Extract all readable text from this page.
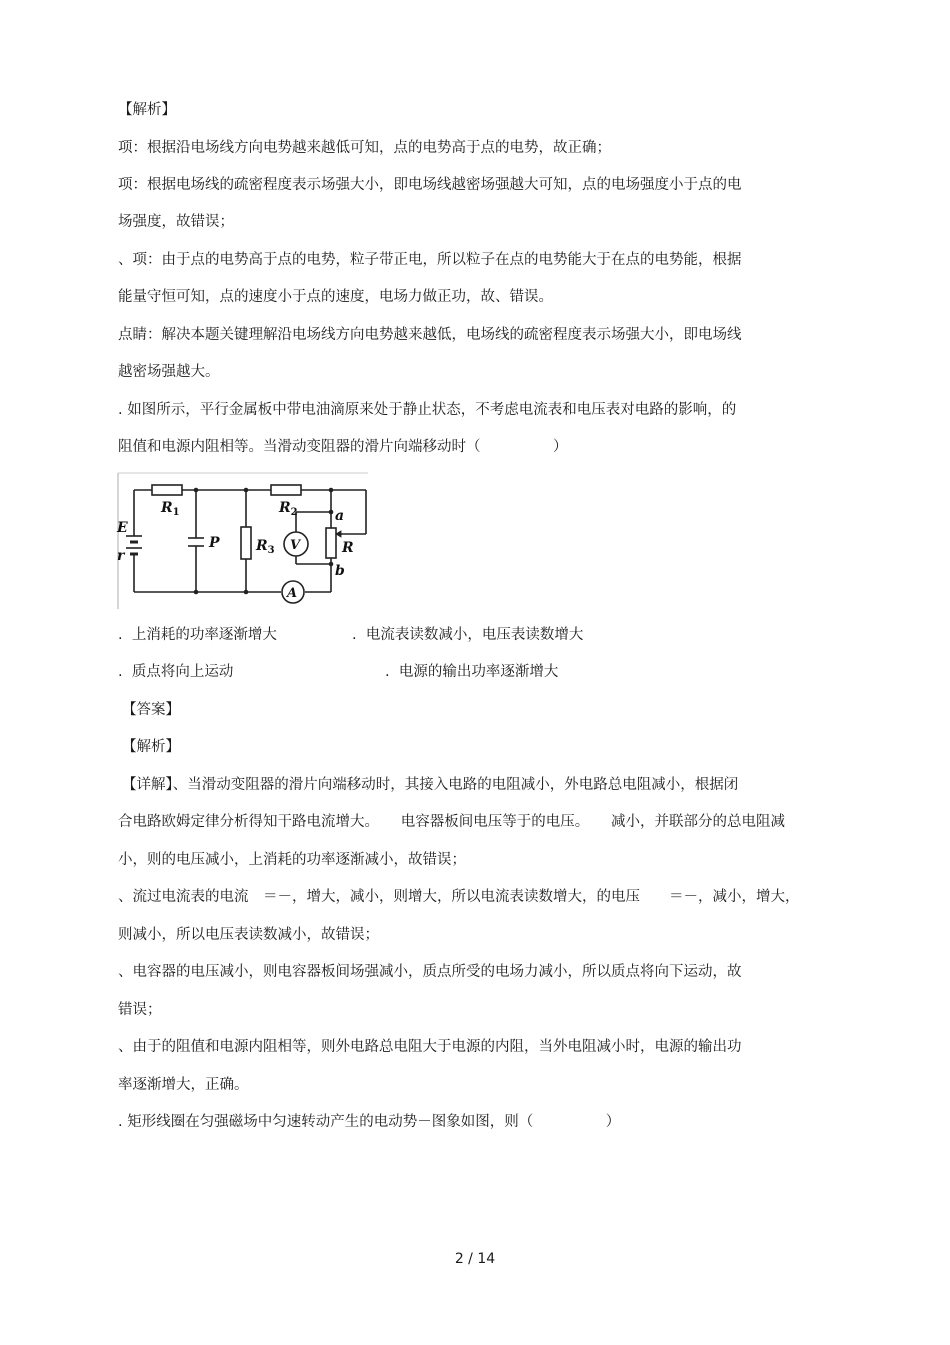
【解析】
项：根据沿电场线方向电势越来越低可知，点的电势高于点的电势，故正确；
项：根据电场线的疏密程度表示场强大小，即电场线越密场强越大可知，点的电场强度小于点的电
场强度，故错误；
、项：由于点的电势高于点的电势，粒子带正电，所以粒子在点的电势能大于在点的电势能，根据
能量守恒可知，点的速度小于点的速度，电场力做正功，故、错误。
点睛：解决本题关键理解沿电场线方向电势越来越低，电场线的疏密程度表示场强大小，即电场线
越密场强越大。
. 如图所示，平行金属板中带电油滴原来处于静止状态，不考虑电流表和电压表对电路的影响，的
阻值和电源内阻相等。当滑动变阻器的滑片向端移动时（　　　　　）
E
r
$R_1$	$R_2$
P	$R_3$	R
a
b
V
A
.  上消耗的功率逐渐增大	.  电流表读数减小，电压表读数增大
.  质点将向上运动	.  电源的输出功率逐渐增大
【答案】
【解析】
【详解】、当滑动变阻器的滑片向端移动时，其接入电路的电阻减小，外电路总电阻减小，根据闭
合电路欧姆定律分析得知干路电流增大。　　电容器板间电压等于的电压。　　减小，并联部分的总电阻减
小，则的电压减小，上消耗的功率逐渐减小，故错误；
、流过电流表的电流　＝－，增大，减小，则增大，所以电流表读数增大，的电压　　＝－，减小，增大，
则减小，所以电压表读数减小，故错误；
、电容器的电压减小，则电容器板间场强减小，质点所受的电场力减小，所以质点将向下运动，故
错误；
、由于的阻值和电源内阻相等，则外电路总电阻大于电源的内阻，当外电阻减小时，电源的输出功
率逐渐增大，正确。
. 矩形线圈在匀强磁场中匀速转动产生的电动势－图象如图，则（　　　　　）
2 / 14
